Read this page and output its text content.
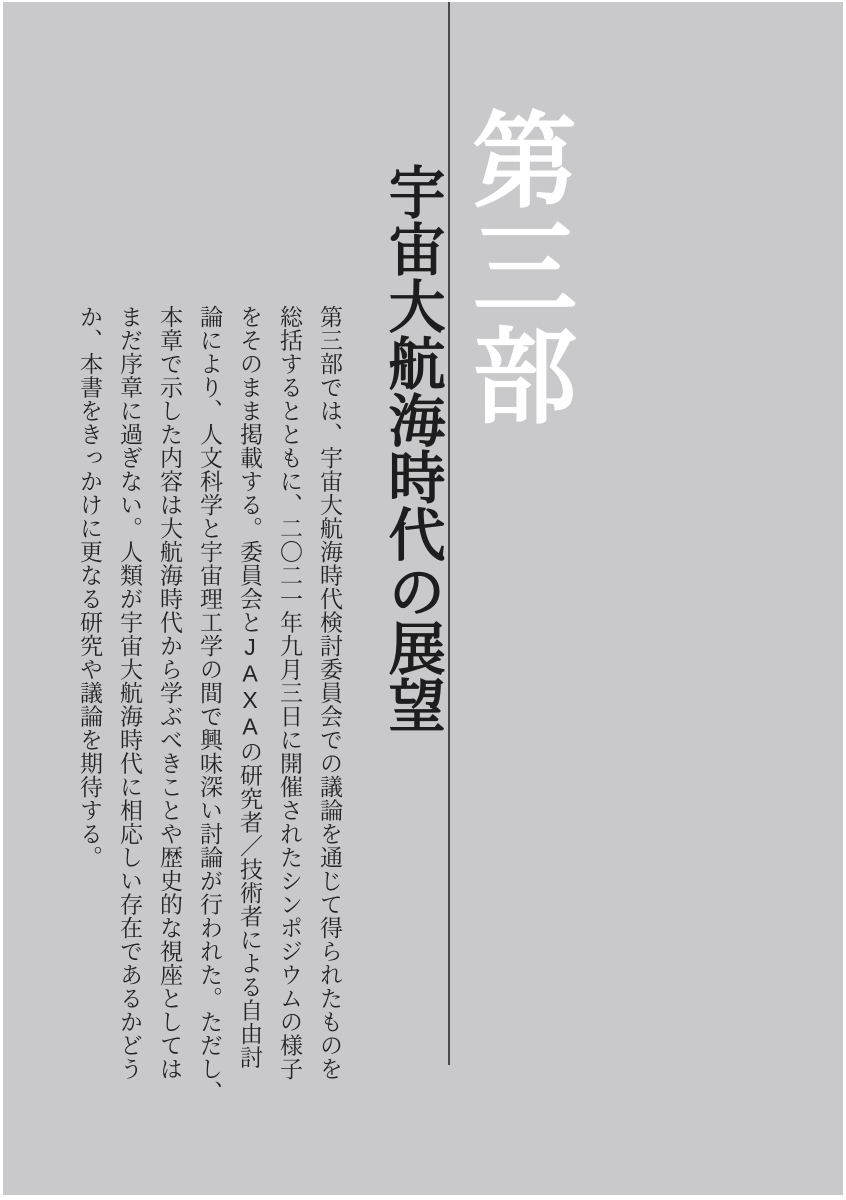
第三部
宇宙大航海時代の展望
第三部では、宇宙大航海時代検討委員会での議論を通じて得られたものを
総括するとともに、二〇二一年九月三日に開催されたシンポジウムの様子
をそのまま掲載する。委員会とJAXAの研究者／技術者による自由討
論により、人文科学と宇宙理工学の間で興味深い討論が行われた。ただし、
本章で示した内容は大航海時代から学ぶべきことや歴史的な視座としては
まだ序章に過ぎない。人類が宇宙大航海時代に相応しい存在であるかどう
か、本書をきっかけに更なる研究や議論を期待する。
